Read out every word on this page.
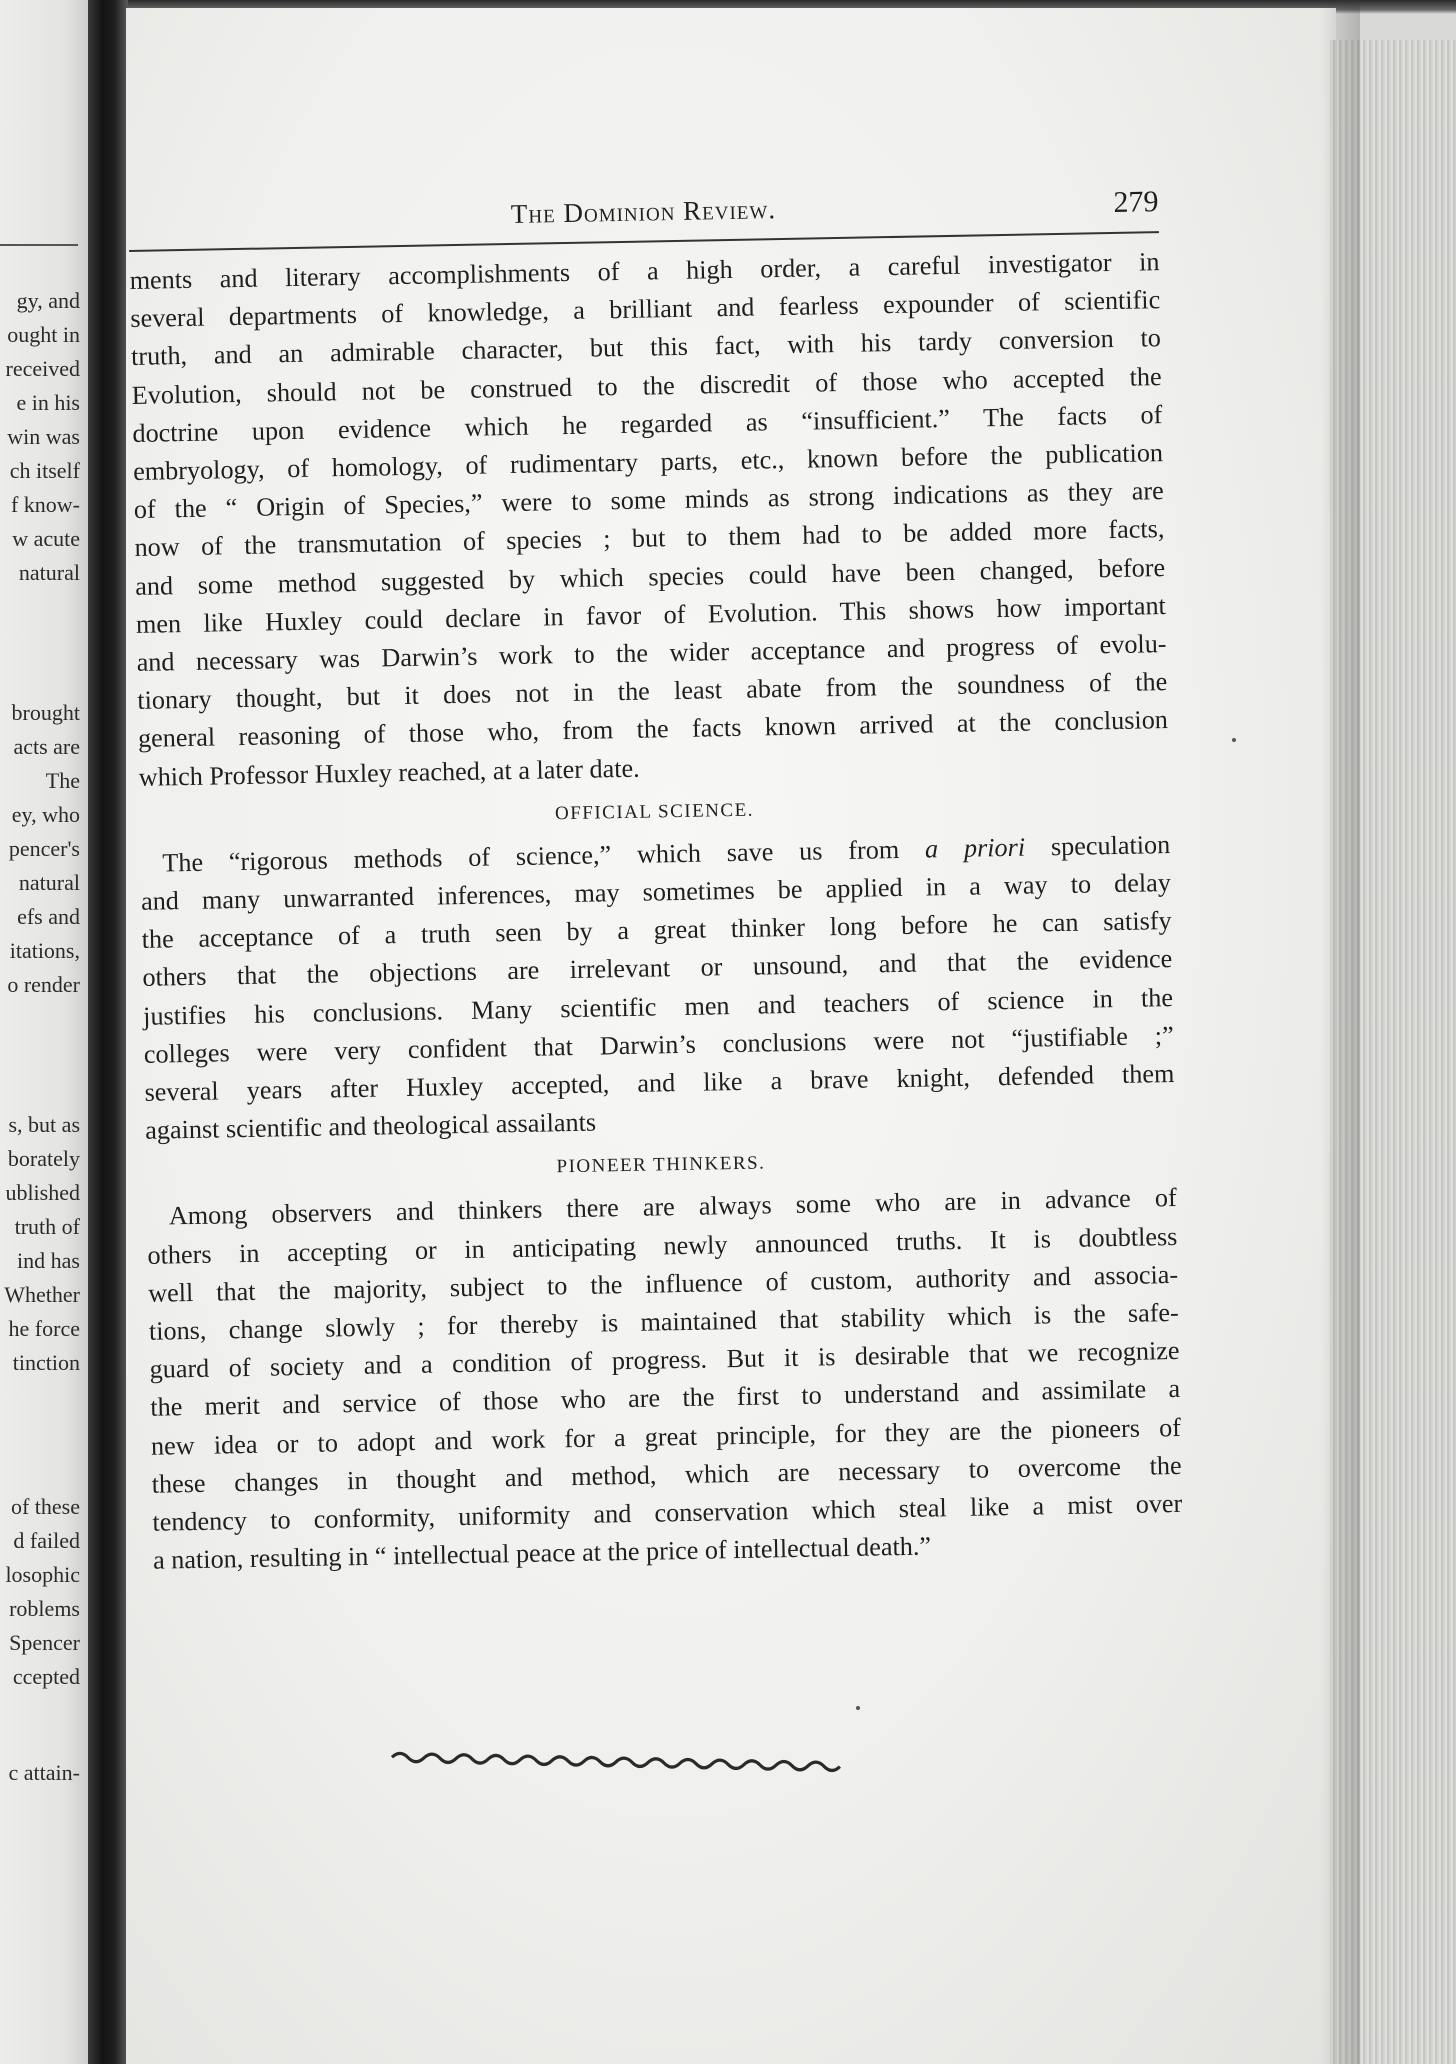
gy, and
ought in
received
e in his
win was
ch itself
f know-
w acute
natural
brought
acts are
The
ey, who
pencer's
natural
efs and
itations,
o render
s, but as
borately
ublished
truth of
ind has
Whether
he force
tinction
of these
d failed
losophic
roblems
Spencer
ccepted
c attain-
The Dominion Review.	279

ments and literary accomplishments of a high order, a careful investigator in

several departments of knowledge, a brilliant and fearless expounder of scientific

truth, and an admirable character, but this fact, with his tardy conversion to

Evolution, should not be construed to the discredit of those who accepted the

doctrine upon evidence which he regarded as “insufficient.” The facts of

embryology, of homology, of rudimentary parts, etc., known before the publication

of the “ Origin of Species,” were to some minds as strong indications as they are

now of the transmutation of species ; but to them had to be added more facts,

and some method suggested by which species could have been changed, before

men like Huxley could declare in favor of Evolution. This shows how important

and necessary was Darwin’s work to the wider acceptance and progress of evolu-

tionary thought, but it does not in the least abate from the soundness of the

general reasoning of those who, from the facts known arrived at the conclusion

which Professor Huxley reached, at a later date.

OFFICIAL SCIENCE.

The “rigorous methods of science,” which save us from a priori speculation

and many unwarranted inferences, may sometimes be applied in a way to delay

the acceptance of a truth seen by a great thinker long before he can satisfy

others that the objections are irrelevant or unsound, and that the evidence

justifies his conclusions. Many scientific men and teachers of science in the

colleges were very confident that Darwin’s conclusions were not “justifiable ;”

several years after Huxley accepted, and like a brave knight, defended them

against scientific and theological assailants

PIONEER THINKERS.

Among observers and thinkers there are always some who are in advance of

others in accepting or in anticipating newly announced truths. It is doubtless

well that the majority, subject to the influence of custom, authority and associa-

tions, change slowly ; for thereby is maintained that stability which is the safe-

guard of society and a condition of progress. But it is desirable that we recognize

the merit and service of those who are the first to understand and assimilate a

new idea or to adopt and work for a great principle, for they are the pioneers of

these changes in thought and method, which are necessary to overcome the

tendency to conformity, uniformity and conservation which steal like a mist over

a nation, resulting in “ intellectual peace at the price of intellectual death.”
